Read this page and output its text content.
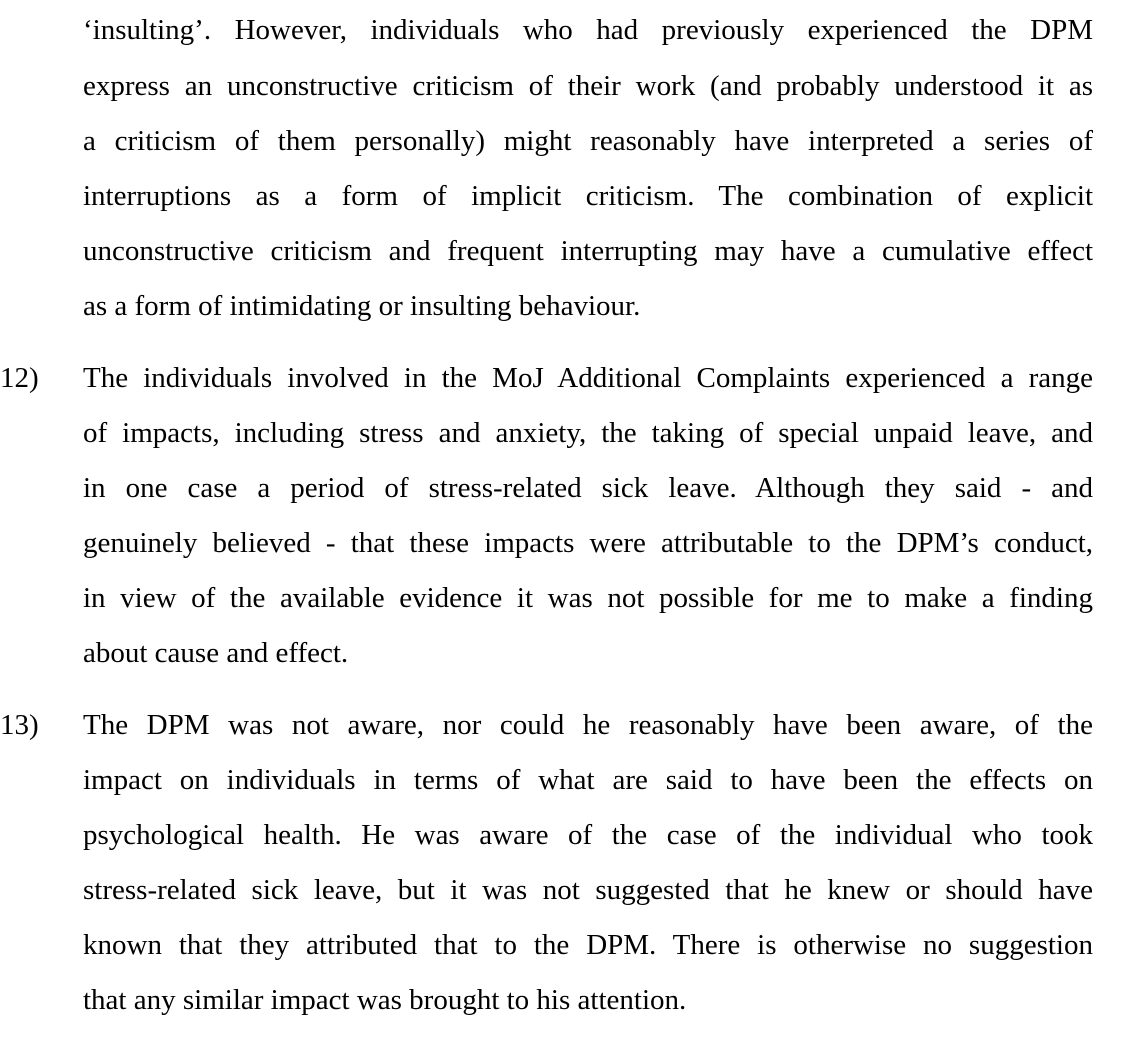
‘insulting’. However, individuals who had previously experienced the DPM
express an unconstructive criticism of their work (and probably understood it as
a criticism of them personally) might reasonably have interpreted a series of
interruptions as a form of implicit criticism. The combination of explicit
unconstructive criticism and frequent interrupting may have a cumulative effect
as a form of intimidating or insulting behaviour.
12) The individuals involved in the MoJ Additional Complaints experienced a range
of impacts, including stress and anxiety, the taking of special unpaid leave, and
in one case a period of stress-related sick leave. Although they said - and
genuinely believed - that these impacts were attributable to the DPM’s conduct,
in view of the available evidence it was not possible for me to make a finding
about cause and effect.
13) The DPM was not aware, nor could he reasonably have been aware, of the
impact on individuals in terms of what are said to have been the effects on
psychological health. He was aware of the case of the individual who took
stress-related sick leave, but it was not suggested that he knew or should have
known that they attributed that to the DPM. There is otherwise no suggestion
that any similar impact was brought to his attention.
